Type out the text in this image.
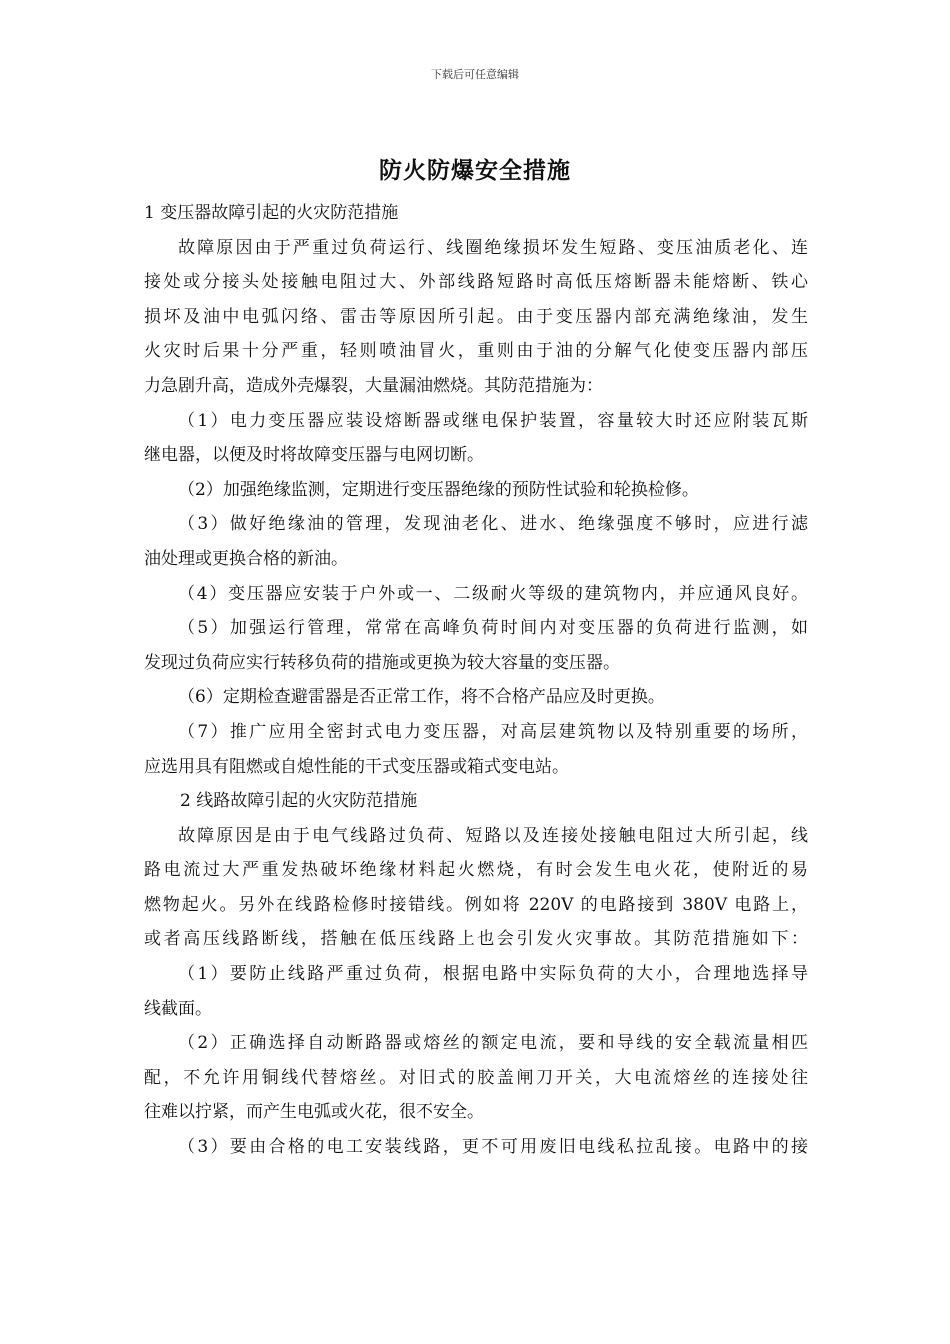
下载后可任意编辑
防火防爆安全措施
1 变压器故障引起的火灾防范措施
故障原因由于严重过负荷运行、线圈绝缘损坏发生短路、变压油质老化、连
接处或分接头处接触电阻过大、外部线路短路时高低压熔断器未能熔断、铁心
损坏及油中电弧闪络、雷击等原因所引起。由于变压器内部充满绝缘油，发生
火灾时后果十分严重，轻则喷油冒火，重则由于油的分解气化使变压器内部压
力急剧升高，造成外壳爆裂，大量漏油燃烧。其防范措施为：
（1）电力变压器应装设熔断器或继电保护装置，容量较大时还应附装瓦斯
继电器，以便及时将故障变压器与电网切断。
（2）加强绝缘监测，定期进行变压器绝缘的预防性试验和轮换检修。
（3）做好绝缘油的管理，发现油老化、进水、绝缘强度不够时，应进行滤
油处理或更换合格的新油。
（4）变压器应安装于户外或一、二级耐火等级的建筑物内，并应通风良好。
（5）加强运行管理，常常在高峰负荷时间内对变压器的负荷进行监测，如
发现过负荷应实行转移负荷的措施或更换为较大容量的变压器。
（6）定期检查避雷器是否正常工作，将不合格产品应及时更换。
（7）推广应用全密封式电力变压器，对高层建筑物以及特别重要的场所，
应选用具有阻燃或自熄性能的干式变压器或箱式变电站。
2 线路故障引起的火灾防范措施
故障原因是由于电气线路过负荷、短路以及连接处接触电阻过大所引起，线
路电流过大严重发热破坏绝缘材料起火燃烧，有时会发生电火花，使附近的易
燃物起火。另外在线路检修时接错线。例如将 220V 的电路接到 380V 电路上，
或者高压线路断线，搭触在低压线路上也会引发火灾事故。其防范措施如下：
（1）要防止线路严重过负荷，根据电路中实际负荷的大小，合理地选择导
线截面。
（2）正确选择自动断路器或熔丝的额定电流，要和导线的安全载流量相匹
配，不允许用铜线代替熔丝。对旧式的胶盖闸刀开关，大电流熔丝的连接处往
往难以拧紧，而产生电弧或火花，很不安全。
（3）要由合格的电工安装线路，更不可用废旧电线私拉乱接。电路中的接
